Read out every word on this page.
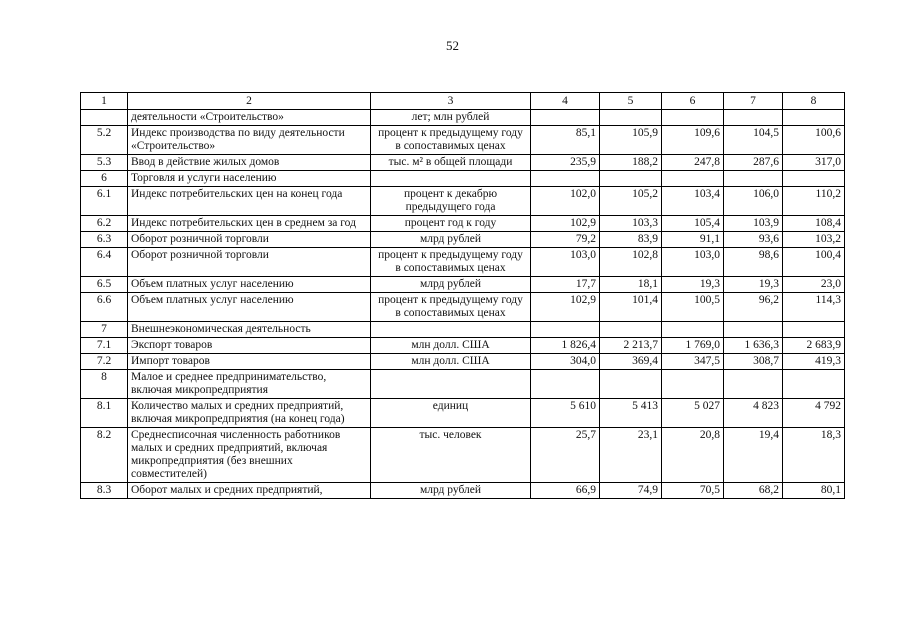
52
1	2	3	4	5	6	7	8
	деятельности «Строительство»	лет; млн рублей					
5.2	Индекс производства по виду деятельности «Строительство»	процент к предыдущему году в сопоставимых ценах	85,1	105,9	109,6	104,5	100,6
5.3	Ввод в действие жилых домов	тыс. м² в общей площади	235,9	188,2	247,8	287,6	317,0
6	Торговля и услуги населению						
6.1	Индекс потребительских цен на конец года	процент к декабрю предыдущего года	102,0	105,2	103,4	106,0	110,2
6.2	Индекс потребительских цен в среднем за год	процент год к году	102,9	103,3	105,4	103,9	108,4
6.3	Оборот розничной торговли	млрд рублей	79,2	83,9	91,1	93,6	103,2
6.4	Оборот розничной торговли	процент к предыдущему году в сопоставимых ценах	103,0	102,8	103,0	98,6	100,4
6.5	Объем платных услуг населению	млрд рублей	17,7	18,1	19,3	19,3	23,0
6.6	Объем платных услуг населению	процент к предыдущему году в сопоставимых ценах	102,9	101,4	100,5	96,2	114,3
7	Внешнеэкономическая деятельность						
7.1	Экспорт товаров	млн долл. США	1 826,4	2 213,7	1 769,0	1 636,3	2 683,9
7.2	Импорт товаров	млн долл. США	304,0	369,4	347,5	308,7	419,3
8	Малое и среднее предпринимательство, включая микропредприятия						
8.1	Количество малых и средних предприятий, включая микропредприятия (на конец года)	единиц	5 610	5 413	5 027	4 823	4 792
8.2	Среднесписочная численность работников малых и средних предприятий, включая микропредприятия (без внешних совместителей)	тыс. человек	25,7	23,1	20,8	19,4	18,3
8.3	Оборот малых и средних предприятий,	млрд рублей	66,9	74,9	70,5	68,2	80,1
